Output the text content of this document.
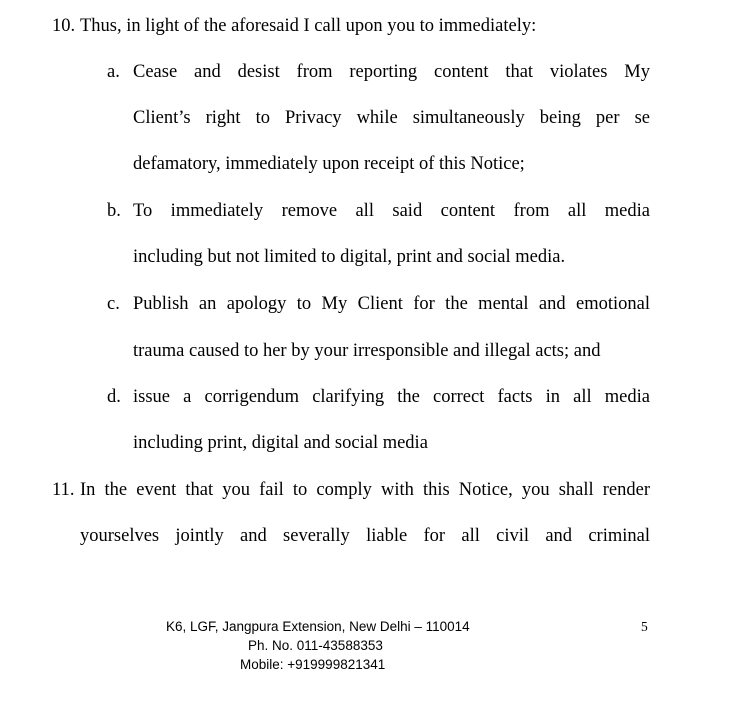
10. Thus, in light of the aforesaid I call upon you to immediately:
a. Cease and desist from reporting content that violates My
Client’s right to Privacy while simultaneously being per se
defamatory, immediately upon receipt of this Notice;
b. To immediately remove all said content from all media
including but not limited to digital, print and social media.
c. Publish an apology to My Client for the mental and emotional
trauma caused to her by your irresponsible and illegal acts; and
d. issue a corrigendum clarifying the correct facts in all media
including print, digital and social media
11. In the event that you fail to comply with this Notice, you shall render
yourselves jointly and severally liable for all civil and criminal
K6, LGF, Jangpura Extension, New Delhi – 110014
Ph. No. 011-43588353
Mobile: +919999821341
5
